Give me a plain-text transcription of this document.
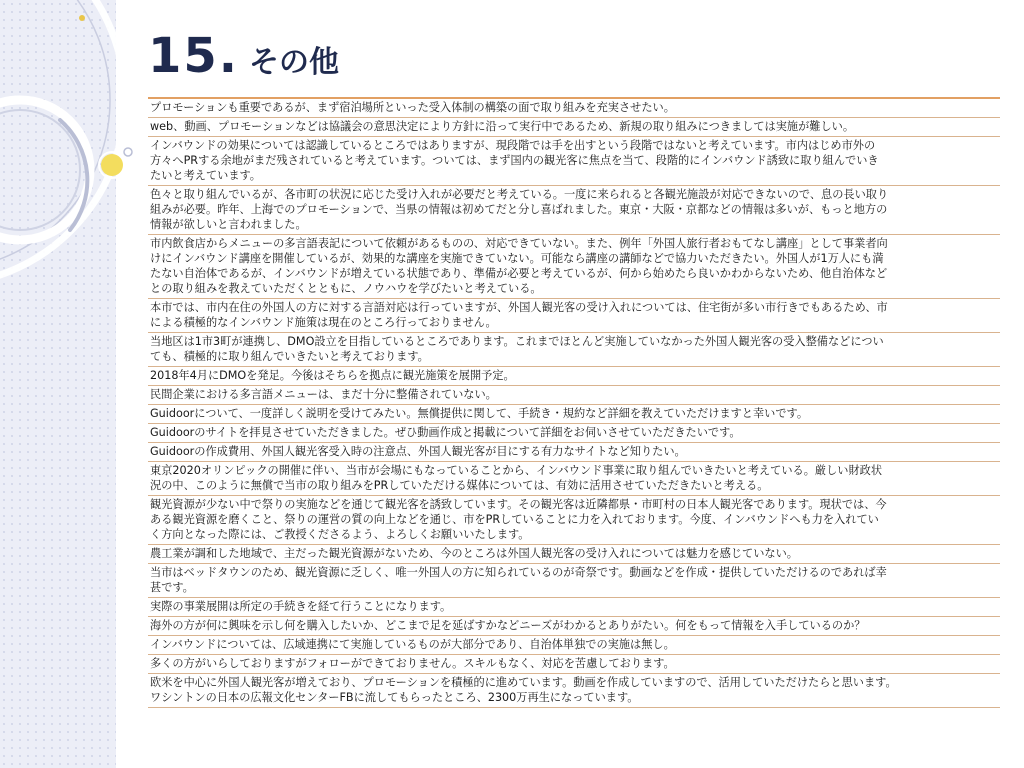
15. その他
プロモーションも重要であるが、まず宿泊場所といった受入体制の構築の面で取り組みを充実させたい。
web、動画、プロモーションなどは協議会の意思決定により方針に沿って実行中であるため、新規の取り組みにつきましては実施が難しい。
インバウンドの効果については認識しているところではありますが、現段階では手を出すという段階ではないと考えています。市内はじめ市外の
方々へPRする余地がまだ残されていると考えています。ついては、まず国内の観光客に焦点を当て、段階的にインバウンド誘致に取り組んでいき
たいと考えています。
色々と取り組んでいるが、各市町の状況に応じた受け入れが必要だと考えている。一度に来られると各観光施設が対応できないので、息の長い取り
組みが必要。昨年、上海でのプロモーションで、当県の情報は初めてだと分し喜ばれました。東京・大阪・京都などの情報は多いが、もっと地方の
情報が欲しいと言われました。
市内飲食店からメニューの多言語表記について依頼があるものの、対応できていない。また、例年「外国人旅行者おもてなし講座」として事業者向
けにインバウンド講座を開催しているが、効果的な講座を実施できていない。可能なら講座の講師などで協力いただきたい。外国人が1万人にも満
たない自治体であるが、インバウンドが増えている状態であり、準備が必要と考えているが、何から始めたら良いかわからないため、他自治体など
との取り組みを教えていただくとともに、ノウハウを学びたいと考えている。
本市では、市内在住の外国人の方に対する言語対応は行っていますが、外国人観光客の受け入れについては、住宅街が多い市行きでもあるため、市
による積極的なインバウンド施策は現在のところ行っておりません。
当地区は1市3町が連携し、DMO設立を目指しているところであります。これまでほとんど実施していなかった外国人観光客の受入整備などについ
ても、積極的に取り組んでいきたいと考えております。
2018年4月にDMOを発足。今後はそちらを拠点に観光施策を展開予定。
民間企業における多言語メニューは、まだ十分に整備されていない。
Guidoorについて、一度詳しく説明を受けてみたい。無償提供に関して、手続き・規約など詳細を教えていただけますと幸いです。
Guidoorのサイトを拝見させていただきました。ぜひ動画作成と掲載について詳細をお伺いさせていただきたいです。
Guidoorの作成費用、外国人観光客受入時の注意点、外国人観光客が目にする有力なサイトなど知りたい。
東京2020オリンピックの開催に伴い、当市が会場にもなっていることから、インバウンド事業に取り組んでいきたいと考えている。厳しい財政状
況の中、このように無償で当市の取り組みをPRしていただける媒体については、有効に活用させていただきたいと考える。
観光資源が少ない中で祭りの実施などを通じて観光客を誘致しています。その観光客は近隣都県・市町村の日本人観光客であります。現状では、今
ある観光資源を磨くこと、祭りの運営の質の向上などを通じ、市をPRしていることに力を入れております。今度、インバウンドへも力を入れてい
く方向となった際には、ご教授くださるよう、よろしくお願いいたします。
農工業が調和した地域で、主だった観光資源がないため、今のところは外国人観光客の受け入れについては魅力を感じていない。
当市はベッドタウンのため、観光資源に乏しく、唯一外国人の方に知られているのが奇祭です。動画などを作成・提供していただけるのであれば幸
甚です。
実際の事業展開は所定の手続きを経て行うことになります。
海外の方が何に興味を示し何を購入したいか、どこまで足を延ばすかなどニーズがわかるとありがたい。何をもって情報を入手しているのか？
インバウンドについては、広域連携にて実施しているものが大部分であり、自治体単独での実施は無し。
多くの方がいらしておりますがフォローができておりません。スキルもなく、対応を苦慮しております。
欧米を中心に外国人観光客が増えており、プロモーションを積極的に進めています。動画を作成していますので、活用していただけたらと思います。
ワシントンの日本の広報文化センターFBに流してもらったところ、2300万再生になっています。
